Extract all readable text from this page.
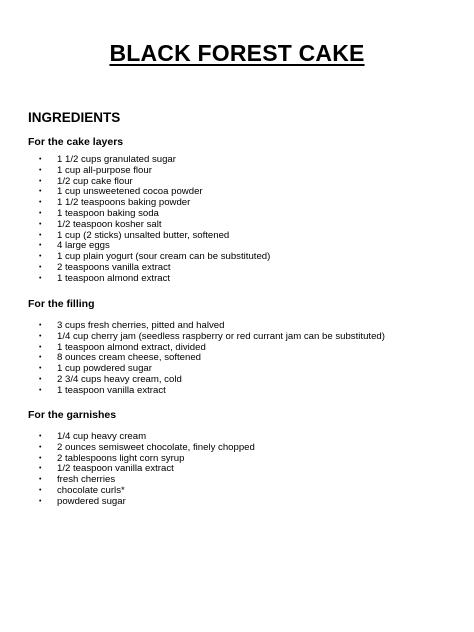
BLACK FOREST CAKE
INGREDIENTS
For the cake layers
• 1 1/2 cups granulated sugar
• 1 cup all-purpose flour
• 1/2 cup cake flour
• 1 cup unsweetened cocoa powder
• 1 1/2 teaspoons baking powder
• 1 teaspoon baking soda
• 1/2 teaspoon kosher salt
• 1 cup (2 sticks) unsalted butter, softened
• 4 large eggs
• 1 cup plain yogurt (sour cream can be substituted)
• 2 teaspoons vanilla extract
• 1 teaspoon almond extract
For the filling
• 3 cups fresh cherries, pitted and halved
• 1/4 cup cherry jam (seedless raspberry or red currant jam can be substituted)
• 1 teaspoon almond extract, divided
• 8 ounces cream cheese, softened
• 1 cup powdered sugar
• 2 3/4 cups heavy cream, cold
• 1 teaspoon vanilla extract
For the garnishes
• 1/4 cup heavy cream
• 2 ounces semisweet chocolate, finely chopped
• 2 tablespoons light corn syrup
• 1/2 teaspoon vanilla extract
• fresh cherries
• chocolate curls*
• powdered sugar
